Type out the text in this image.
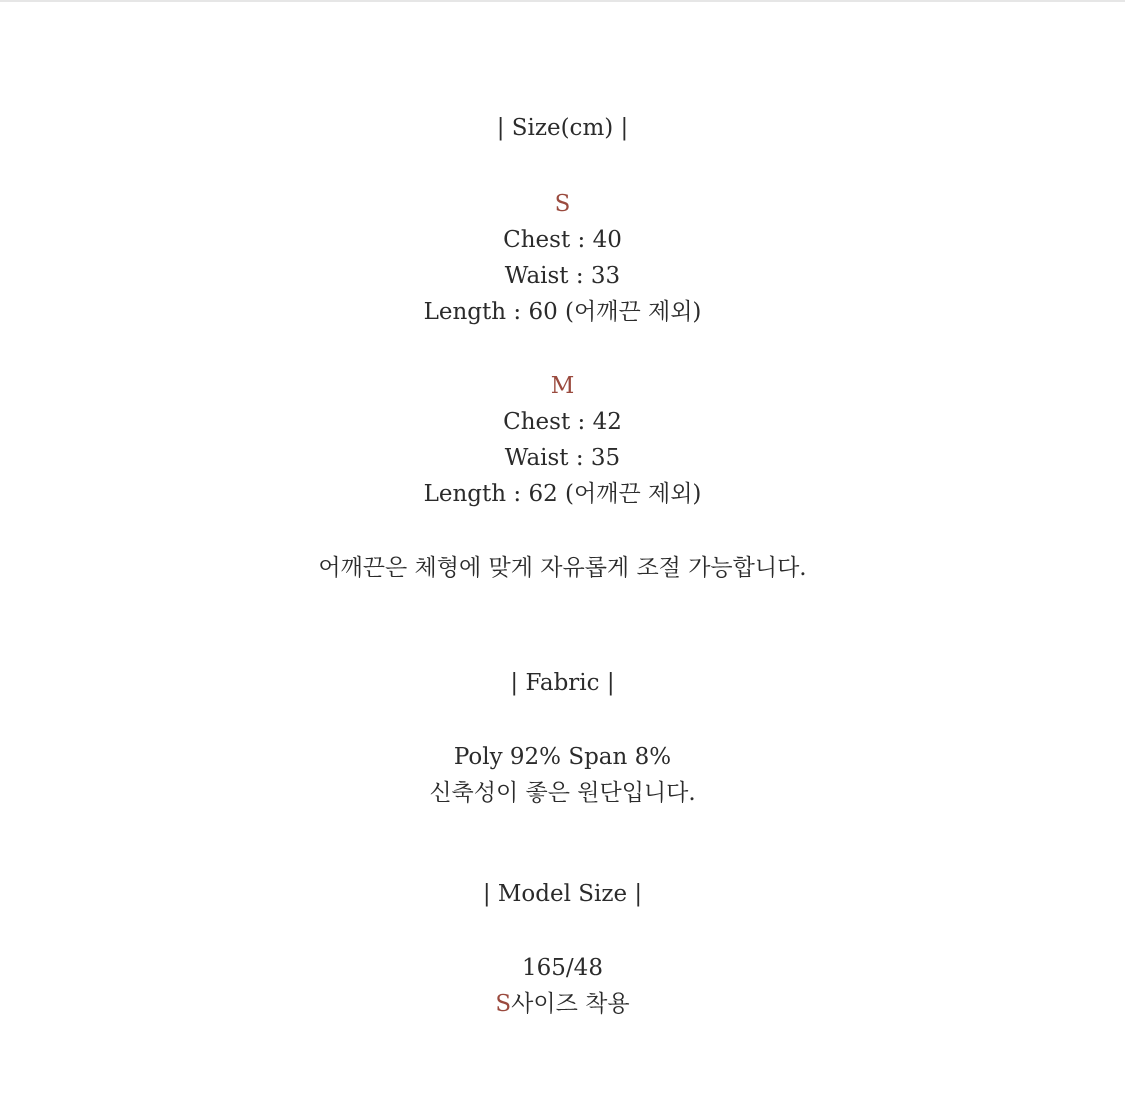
| Size(cm) |
S
Chest : 40
Waist : 33
Length : 60 (어깨끈 제외)
M
Chest : 42
Waist : 35
Length : 62 (어깨끈 제외)
어깨끈은 체형에 맞게 자유롭게 조절 가능합니다.
| Fabric |
Poly 92% Span 8%
신축성이 좋은 원단입니다.
| Model Size |
165/48
S사이즈 착용
